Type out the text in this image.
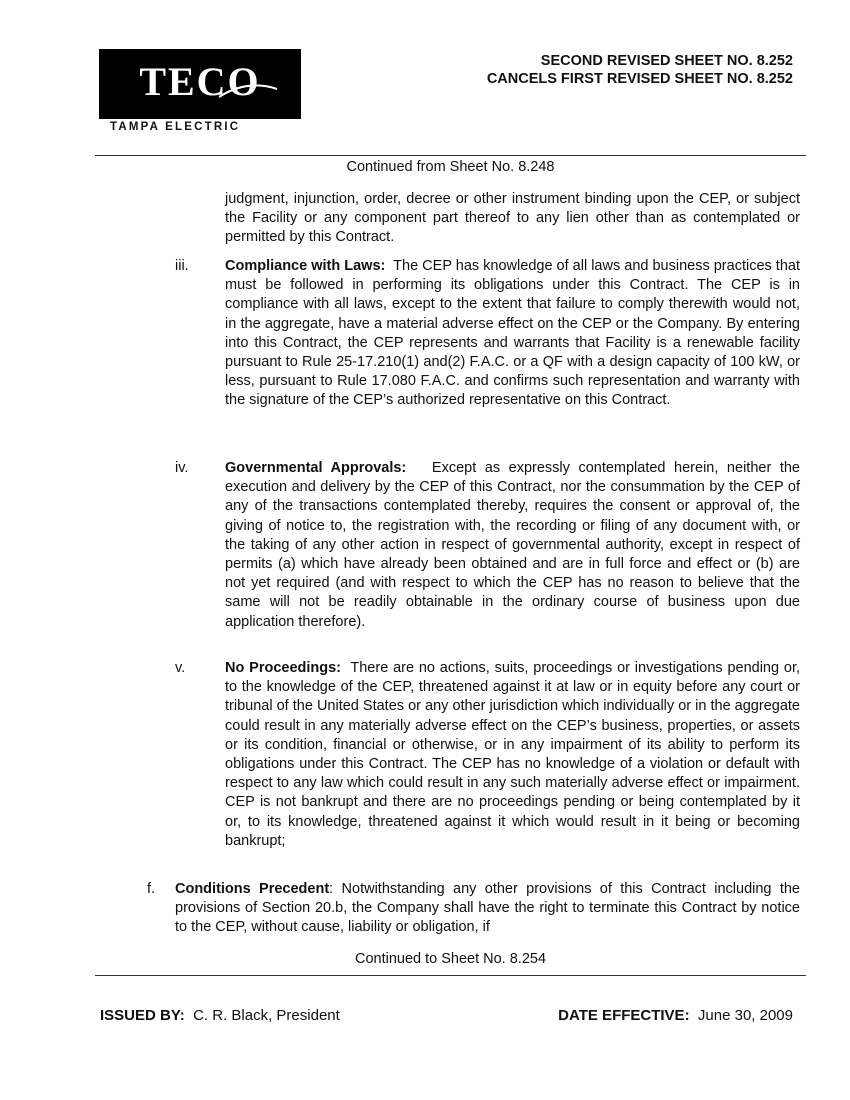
TECO
TAMPA ELECTRIC
SECOND REVISED SHEET NO. 8.252
CANCELS FIRST REVISED SHEET NO. 8.252
Continued from Sheet No. 8.248
judgment, injunction, order, decree or other instrument binding upon the CEP, or subject the Facility or any component part thereof to any lien other than as contemplated or permitted by this Contract.
iii.	Compliance with Laws: The CEP has knowledge of all laws and business practices that must be followed in performing its obligations under this Contract. The CEP is in compliance with all laws, except to the extent that failure to comply therewith would not, in the aggregate, have a material adverse effect on the CEP or the Company. By entering into this Contract, the CEP represents and warrants that Facility is a renewable facility pursuant to Rule 25-17.210(1) and(2) F.A.C. or a QF with a design capacity of 100 kW, or less, pursuant to Rule 17.080 F.A.C. and confirms such representation and warranty with the signature of the CEP’s authorized representative on this Contract.
iv.	Governmental Approvals: Except as expressly contemplated herein, neither the execution and delivery by the CEP of this Contract, nor the consummation by the CEP of any of the transactions contemplated thereby, requires the consent or approval of, the giving of notice to, the registration with, the recording or filing of any document with, or the taking of any other action in respect of governmental authority, except in respect of permits (a) which have already been obtained and are in full force and effect or (b) are not yet required (and with respect to which the CEP has no reason to believe that the same will not be readily obtainable in the ordinary course of business upon due application therefore).
v.	No Proceedings: There are no actions, suits, proceedings or investigations pending or, to the knowledge of the CEP, threatened against it at law or in equity before any court or tribunal of the United States or any other jurisdiction which individually or in the aggregate could result in any materially adverse effect on the CEP’s business, properties, or assets or its condition, financial or otherwise, or in any impairment of its ability to perform its obligations under this Contract. The CEP has no knowledge of a violation or default with respect to any law which could result in any such materially adverse effect or impairment. CEP is not bankrupt and there are no proceedings pending or being contemplated by it or, to its knowledge, threatened against it which would result in it being or becoming bankrupt;
f. Conditions Precedent: Notwithstanding any other provisions of this Contract including the provisions of Section 20.b, the Company shall have the right to terminate this Contract by notice to the CEP, without cause, liability or obligation, if
Continued to Sheet No. 8.254
ISSUED BY: C. R. Black, President	DATE EFFECTIVE: June 30, 2009
